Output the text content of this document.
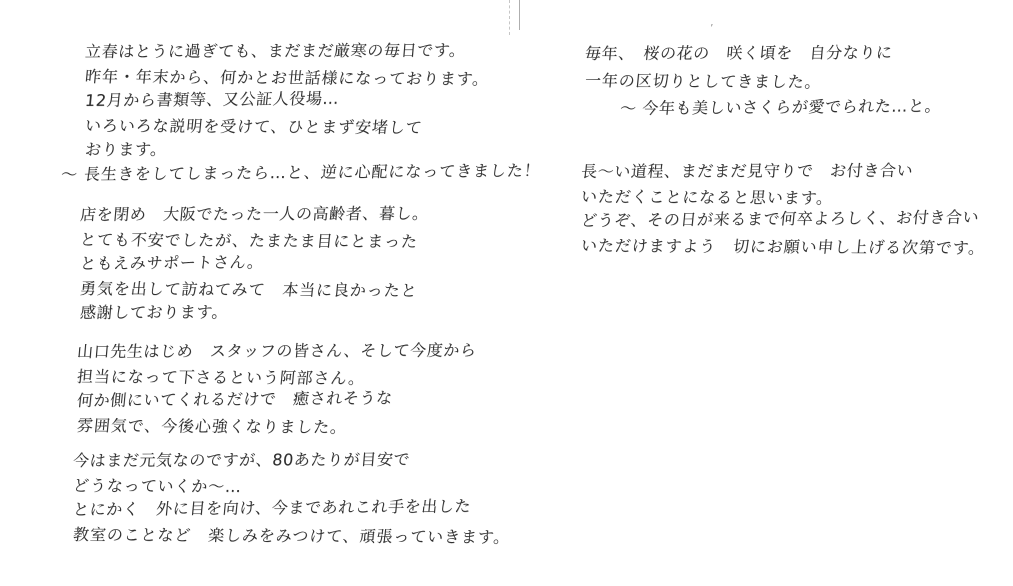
’
立春はとうに過ぎても、まだまだ厳寒の毎日です。
昨年・年末から、何かとお世話様になっております。
12月から書類等、又公証人役場…
いろいろな説明を受けて、ひとまず安堵して
おります。
〜 長生きをしてしまったら…と、逆に心配になってきました！
店を閉め　大阪でたった一人の高齢者、暮し。
とても不安でしたが、たまたま目にとまった
ともえみサポートさん。
勇気を出して訪ねてみて　本当に良かったと
感謝しております。
山口先生はじめ　スタッフの皆さん、そして今度から
担当になって下さるという阿部さん。
何か側にいてくれるだけで　癒されそうな
雰囲気で、今後心強くなりました。
今はまだ元気なのですが、80あたりが目安で
どうなっていくか〜…
とにかく　外に目を向け、今まであれこれ手を出した
教室のことなど　楽しみをみつけて、頑張っていきます。
毎年、　桜の花の　咲く頃を　自分なりに
一年の区切りとしてきました。
〜 今年も美しいさくらが愛でられた…と。
長〜い道程、まだまだ見守りで　お付き合い
いただくことになると思います。
どうぞ、その日が来るまで何卒よろしく、お付き合い
いただけますよう　切にお願い申し上げる次第です。
